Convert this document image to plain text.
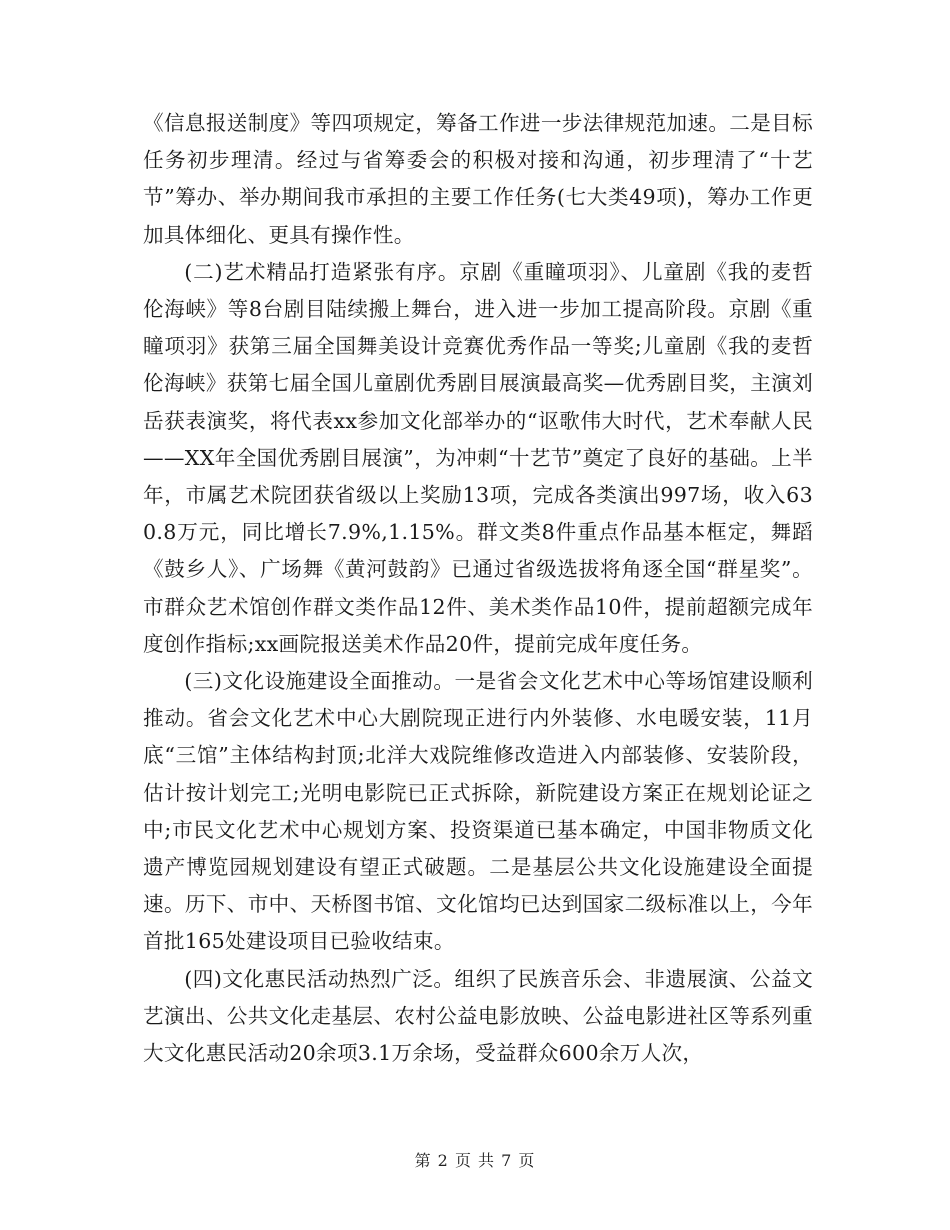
《信息报送制度》等四项规定，筹备工作进一步法律规范加速。二是目标任务初步理清。经过与省筹委会的积极对接和沟通，初步理清了“十艺节”筹办、举办期间我市承担的主要工作任务(七大类49项)，筹办工作更加具体细化、更具有操作性。

(二)艺术精品打造紧张有序。京剧《重瞳项羽》、儿童剧《我的麦哲伦海峡》等8台剧目陆续搬上舞台，进入进一步加工提高阶段。京剧《重瞳项羽》获第三届全国舞美设计竞赛优秀作品一等奖;儿童剧《我的麦哲伦海峡》获第七届全国儿童剧优秀剧目展演最高奖—优秀剧目奖，主演刘岳获表演奖，将代表xx参加文化部举办的“讴歌伟大时代，艺术奉献人民——XX年全国优秀剧目展演”，为冲刺“十艺节”奠定了良好的基础。上半年，市属艺术院团获省级以上奖励13项，完成各类演出997场，收入630.8万元，同比增长7.9%,1.15%。群文类8件重点作品基本框定，舞蹈《鼓乡人》、广场舞《黄河鼓韵》已通过省级选拔将角逐全国“群星奖”。市群众艺术馆创作群文类作品12件、美术类作品10件，提前超额完成年度创作指标;xx画院报送美术作品20件，提前完成年度任务。

(三)文化设施建设全面推动。一是省会文化艺术中心等场馆建设顺利推动。省会文化艺术中心大剧院现正进行内外装修、水电暖安装，11月底“三馆”主体结构封顶;北洋大戏院维修改造进入内部装修、安装阶段，估计按计划完工;光明电影院已正式拆除，新院建设方案正在规划论证之中;市民文化艺术中心规划方案、投资渠道已基本确定，中国非物质文化遗产博览园规划建设有望正式破题。二是基层公共文化设施建设全面提速。历下、市中、天桥图书馆、文化馆均已达到国家二级标准以上，今年首批165处建设项目已验收结束。

(四)文化惠民活动热烈广泛。组织了民族音乐会、非遗展演、公益文艺演出、公共文化走基层、农村公益电影放映、公益电影进社区等系列重大文化惠民活动20余项3.1万余场，受益群众600余万人次，

第 2 页 共 7 页
